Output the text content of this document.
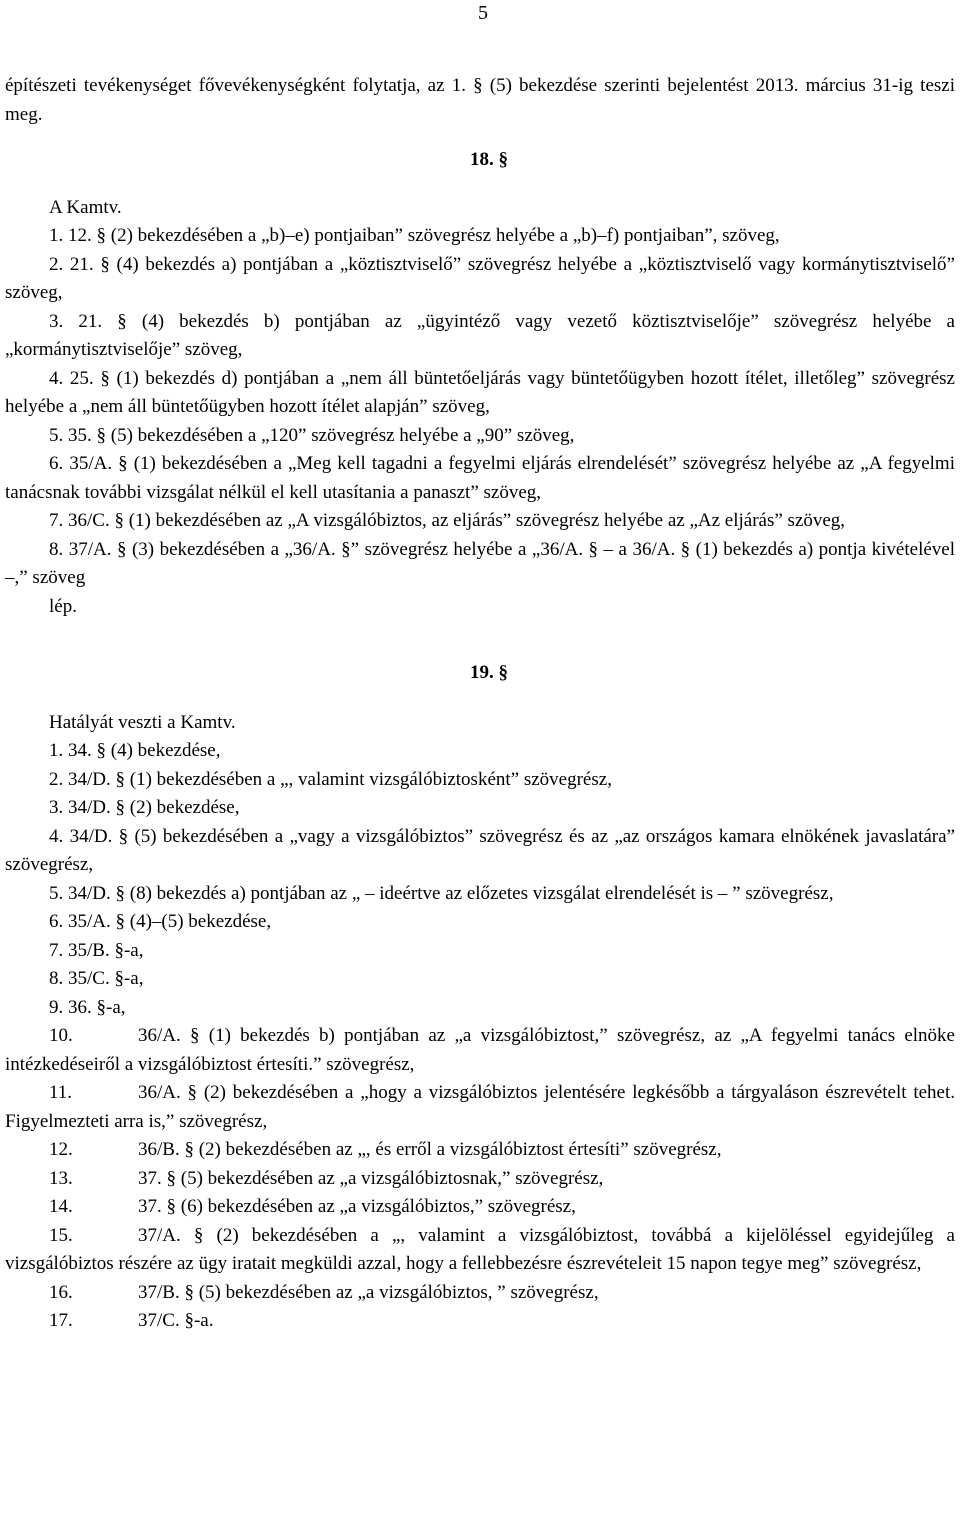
5

építészeti tevékenységet fővevékenységként folytatja, az 1. § (5) bekezdése szerinti bejelentést 2013. március 31-ig teszi meg.

18. §

A Kamtv.

1. 12. § (2) bekezdésében a „b)–e) pontjaiban” szövegrész helyébe a „b)–f) pontjaiban”, szöveg,

2. 21. § (4) bekezdés a) pontjában a „köztisztviselő” szövegrész helyébe a „köztisztviselő vagy kormánytisztviselő” szöveg,

3. 21. § (4) bekezdés b) pontjában az „ügyintéző vagy vezető köztisztviselője” szövegrész helyébe a „kormánytisztviselője” szöveg,

4. 25. § (1) bekezdés d) pontjában a „nem áll büntetőeljárás vagy büntetőügyben hozott ítélet, illetőleg” szövegrész helyébe a „nem áll büntetőügyben hozott ítélet alapján” szöveg,

5. 35. § (5) bekezdésében a „120” szövegrész helyébe a „90” szöveg,

6. 35/A. § (1) bekezdésében a „Meg kell tagadni a fegyelmi eljárás elrendelését” szövegrész helyébe az „A fegyelmi tanácsnak további vizsgálat nélkül el kell utasítania a panaszt” szöveg,

7. 36/C. § (1) bekezdésében az „A vizsgálóbiztos, az eljárás” szövegrész helyébe az „Az eljárás” szöveg,

8. 37/A. § (3) bekezdésében a „36/A. §” szövegrész helyébe a „36/A. § – a 36/A. § (1) bekezdés a) pontja kivételével –,” szöveg

lép.

19. §

Hatályát veszti a Kamtv.

1. 34. § (4) bekezdése,

2. 34/D. § (1) bekezdésében a „, valamint vizsgálóbiztosként” szövegrész,

3. 34/D. § (2) bekezdése,

4. 34/D. § (5) bekezdésében a „vagy a vizsgálóbiztos” szövegrész és az „az országos kamara elnökének javaslatára” szövegrész,

5. 34/D. § (8) bekezdés a) pontjában az „ – ideértve az előzetes vizsgálat elrendelését is – ” szövegrész,

6. 35/A. § (4)–(5) bekezdése,

7. 35/B. §-a,

8. 35/C. §-a,

9. 36. §-a,

10.	36/A. § (1) bekezdés b) pontjában az „a vizsgálóbiztost,” szövegrész, az „A fegyelmi tanács elnöke intézkedéseiről a vizsgálóbiztost értesíti.” szövegrész,

11.	36/A. § (2) bekezdésében a „hogy a vizsgálóbiztos jelentésére legkésőbb a tárgyaláson észrevételt tehet. Figyelmezteti arra is,” szövegrész,

12.	36/B. § (2) bekezdésében az „, és erről a vizsgálóbiztost értesíti” szövegrész,

13.	37. § (5) bekezdésében az „a vizsgálóbiztosnak,” szövegrész,

14.	37. § (6) bekezdésében az „a vizsgálóbiztos,” szövegrész,

15.	37/A. § (2) bekezdésében a „, valamint a vizsgálóbiztost, továbbá a kijelöléssel egyidejűleg a vizsgálóbiztos részére az ügy iratait megküldi azzal, hogy a fellebbezésre észrevételeit 15 napon tegye meg” szövegrész,

16.	37/B. § (5) bekezdésében az „a vizsgálóbiztos, ” szövegrész,

17.	37/C. §-a.
